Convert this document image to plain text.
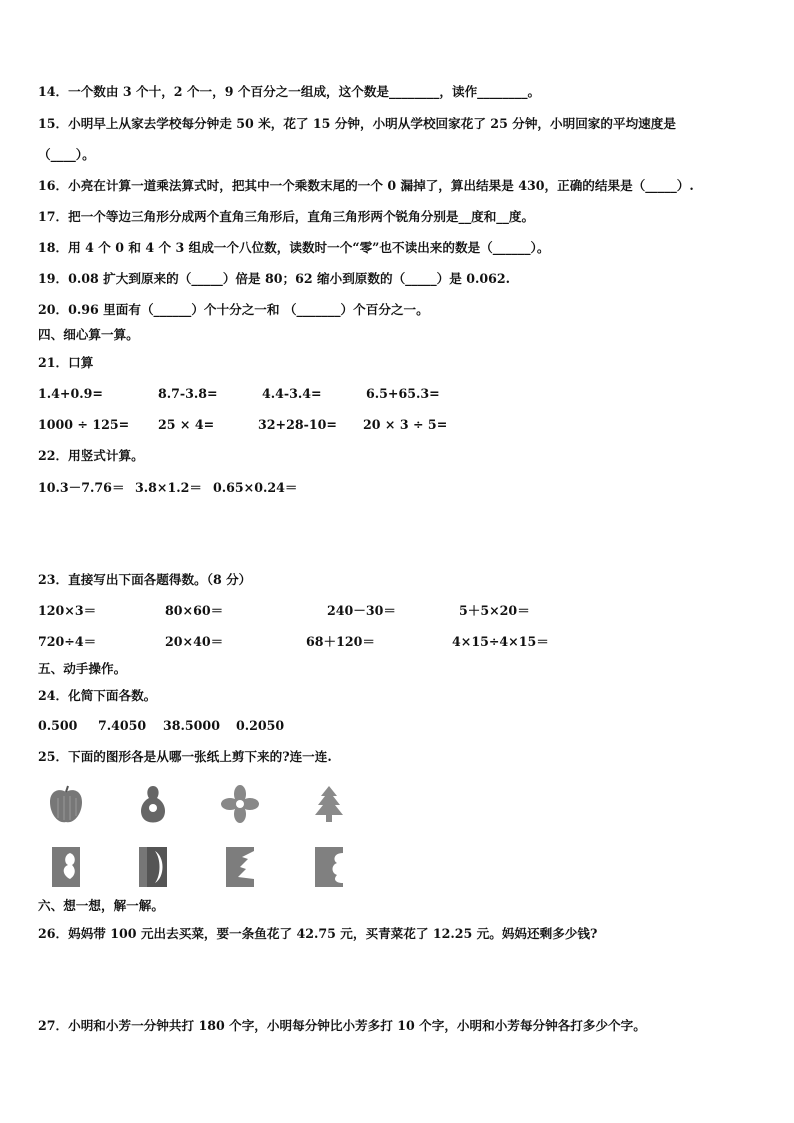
14．一个数由 3 个十，2 个一，9 个百分之一组成，这个数是________，读作________。
15．小明早上从家去学校每分钟走 50 米，花了 15 分钟，小明从学校回家花了 25 分钟，小明回家的平均速度是
（____）。
16．小亮在计算一道乘法算式时，把其中一个乘数末尾的一个 0 漏掉了，算出结果是 430，正确的结果是（_____）.
17．把一个等边三角形分成两个直角三角形后，直角三角形两个锐角分别是__度和__度。
18．用 4 个 0 和 4 个 3 组成一个八位数，读数时一个“零”也不读出来的数是（______）。
19．0.08 扩大到原来的（_____）倍是 80；62 缩小到原数的（_____）是 0.062.
20．0.96 里面有（______）个十分之一和 （_______）个百分之一。
四、细心算一算。
21．口算
1.4+0.9=	8.7-3.8=	4.4-3.4=	6.5+65.3=
1000 ÷ 125= 25 × 4=	32+28-10= 20 × 3 ÷ 5=
22．用竖式计算。
10.3－7.76＝ 3.8×1.2＝ 0.65×0.24＝
23．直接写出下面各题得数。（8 分）
120×3＝	80×60＝	240－30＝	5＋5×20＝
720÷4＝	20×40＝	68＋120＝	4×15÷4×15＝
五、动手操作。
24．化简下面各数。
0.500 7.4050 38.5000 0.2050
25．下面的图形各是从哪一张纸上剪下来的?连一连.
六、想一想，解一解。
26．妈妈带 100 元出去买菜，要一条鱼花了 42.75 元，买青菜花了 12.25 元。妈妈还剩多少钱?
27．小明和小芳一分钟共打 180 个字，小明每分钟比小芳多打 10 个字，小明和小芳每分钟各打多少个字。
